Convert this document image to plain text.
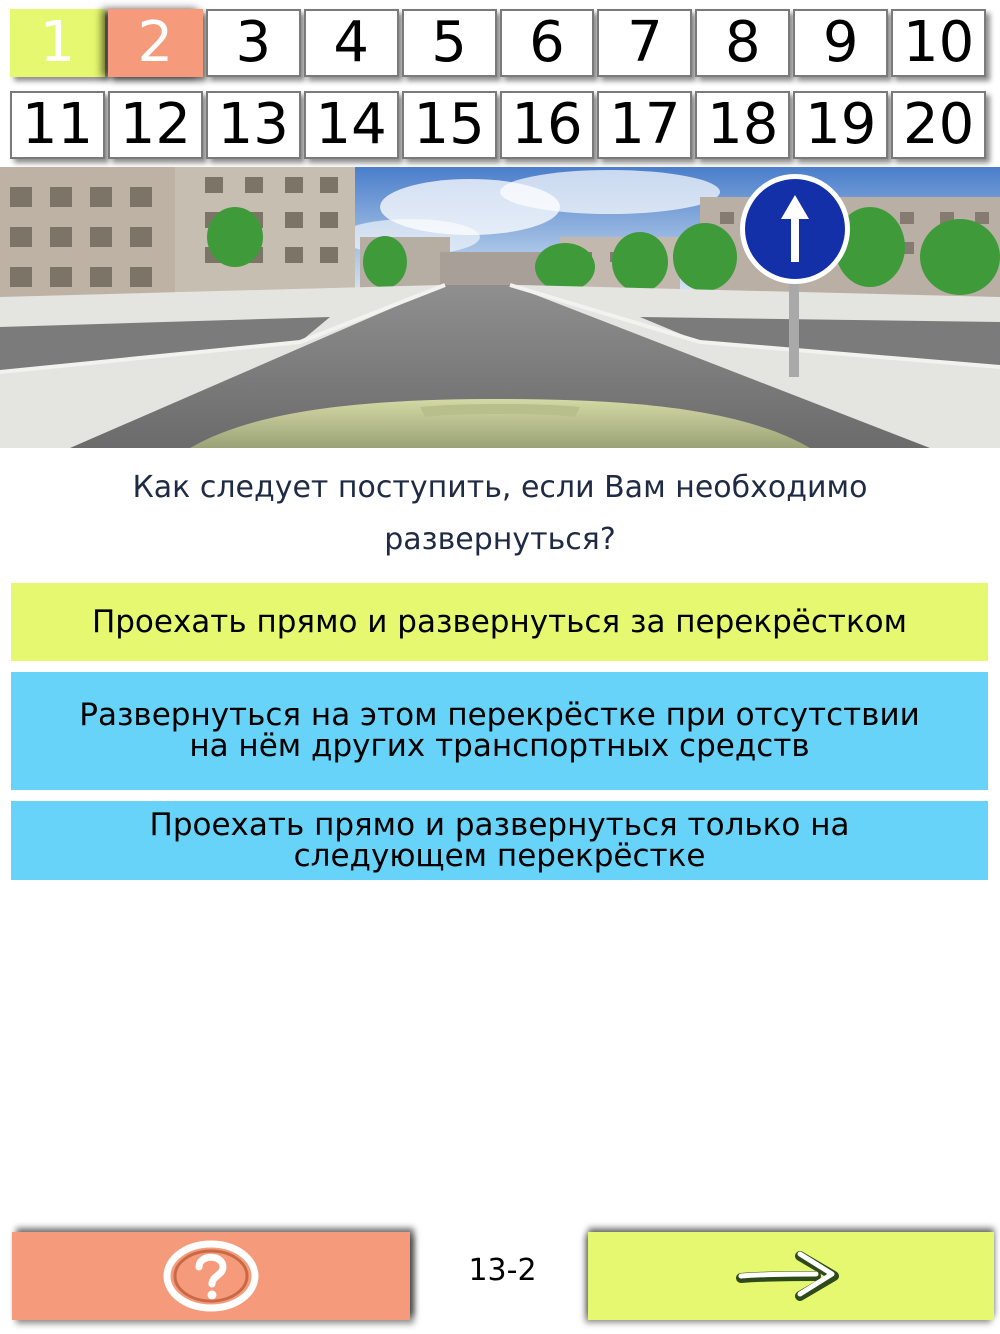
1	2	3	4	5	6	7	8	9 10
11 12 13 14 15 16 17 18 19 20
Как следует поступить, если Вам необходимо развернуться?
Проехать прямо и развернуться за перекрёстком
Развернуться на этом перекрёстке при отсутствии на нём других транспортных средств
Проехать прямо и развернуться только на следующем перекрёстке
13-2
